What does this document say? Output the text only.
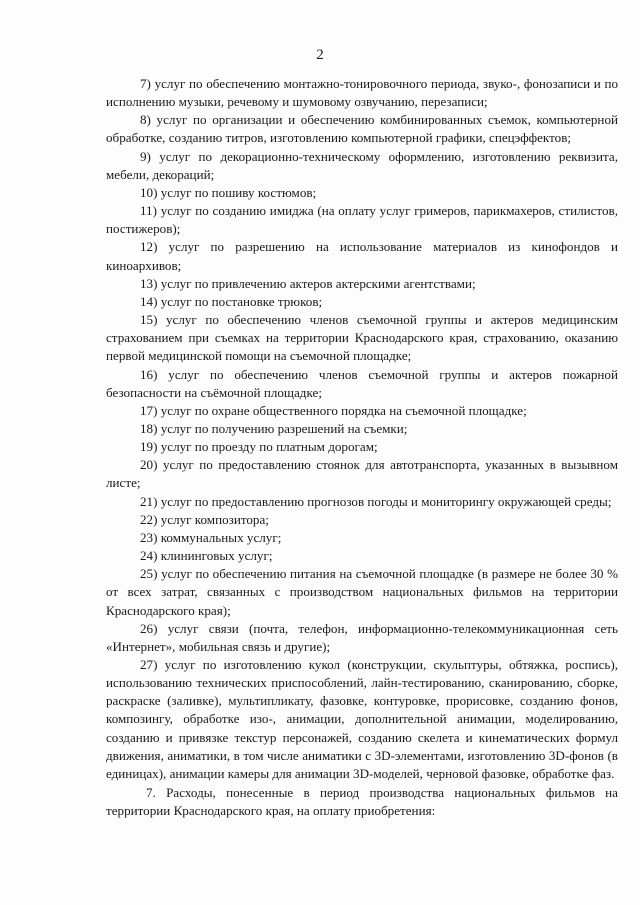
2

7) услуг по обеспечению монтажно-тонировочного периода, звуко-, фонозаписи и по исполнению музыки, речевому и шумовому озвучанию, перезаписи;

8) услуг по организации и обеспечению комбинированных съемок, компьютерной обработке, созданию титров, изготовлению компьютерной графики, спецэффектов;

9) услуг по декорационно-техническому оформлению, изготовлению реквизита, мебели, декораций;

10) услуг по пошиву костюмов;

11) услуг по созданию имиджа (на оплату услуг гримеров, парикмахеров, стилистов, постижеров);

12) услуг по разрешению на использование материалов из кинофондов и киноархивов;

13) услуг по привлечению актеров актерскими агентствами;

14) услуг по постановке трюков;

15) услуг по обеспечению членов съемочной группы и актеров медицинским страхованием при съемках на территории Краснодарского края, страхованию, оказанию первой медицинской помощи на съемочной площадке;

16) услуг по обеспечению членов съемочной группы и актеров пожарной безопасности на съёмочной площадке;

17) услуг по охране общественного порядка на съемочной площадке;

18) услуг по получению разрешений на съемки;

19) услуг по проезду по платным дорогам;

20) услуг по предоставлению стоянок для автотранспорта, указанных в вызывном листе;

21) услуг по предоставлению прогнозов погоды и мониторингу окружающей среды;

22) услуг композитора;

23) коммунальных услуг;

24) клининговых услуг;

25) услуг по обеспечению питания на съемочной площадке (в размере не более 30 % от всех затрат, связанных с производством национальных фильмов на территории Краснодарского края);

26) услуг связи (почта, телефон, информационно-телекоммуникационная сеть «Интернет», мобильная связь и другие);

27) услуг по изготовлению кукол (конструкции, скульптуры, обтяжка, роспись), использованию технических приспособлений, лайн-тестированию, сканированию, сборке, раскраске (заливке), мультипликату, фазовке, контуровке, прорисовке, созданию фонов, композингу, обработке изо-, анимации, дополнительной анимации, моделированию, созданию и привязке текстур персонажей, созданию скелета и кинематических формул движения, аниматики, в том числе аниматики с 3D-элементами, изготовлению 3D-фонов (в единицах), анимации камеры для анимации 3D-моделей, черновой фазовке, обработке фаз.

7. Расходы, понесенные в период производства национальных фильмов на территории Краснодарского края, на оплату приобретения:
